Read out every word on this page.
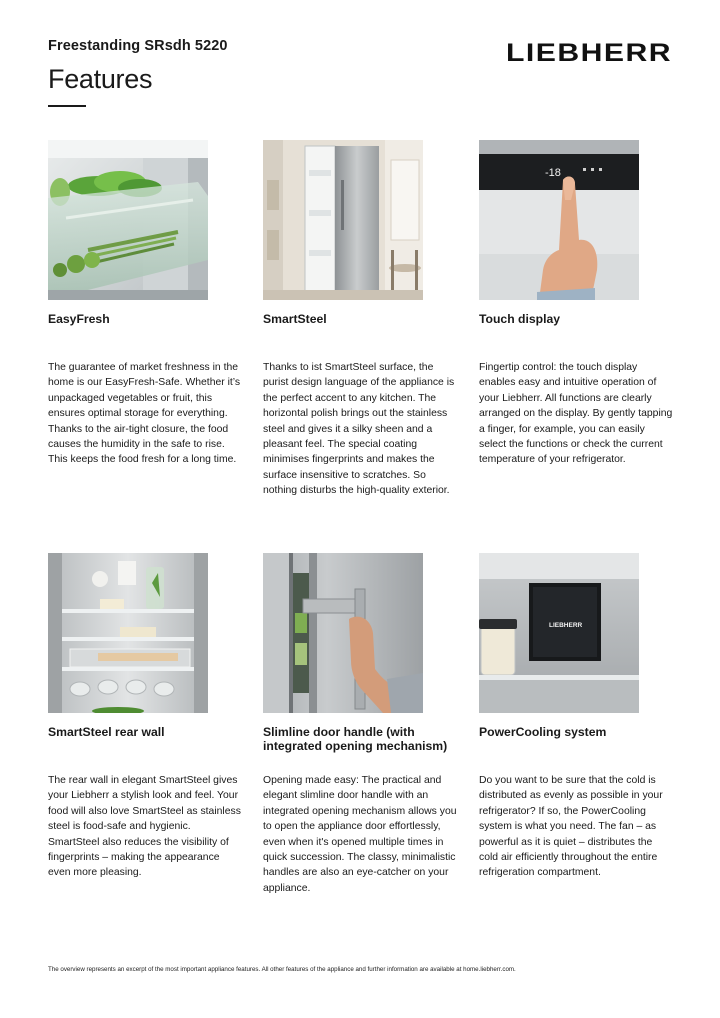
Freestanding SRsdh 5220
Features
LIEBHERR
EasyFresh
The guarantee of market freshness in the home is our EasyFresh-Safe. Whether it’s unpackaged vegetables or fruit, this ensures optimal storage for everything. Thanks to the air-tight closure, the food causes the humidity in the safe to rise. This keeps the food fresh for a long time.
SmartSteel
Thanks to ist SmartSteel surface, the purist design language of the appliance is the perfect accent to any kitchen. The horizontal polish brings out the stainless steel and gives it a silky sheen and a pleasant feel. The special coating minimises fingerprints and makes the surface insensitive to scratches. So nothing disturbs the high-quality exterior.
-18
Touch display
Fingertip control: the touch display enables easy and intuitive operation of your Liebherr. All functions are clearly arranged on the display. By gently tapping a finger, for example, you can easily select the functions or check the current temperature of your refrigerator.
SmartSteel rear wall
The rear wall in elegant SmartSteel gives your Liebherr a stylish look and feel. Your food will also love SmartSteel as stainless steel is food-safe and hygienic. SmartSteel also reduces the visibility of fingerprints – making the appearance even more pleasing.
Slimline door handle (with integrated opening mechanism)
Opening made easy: The practical and elegant slimline door handle with an integrated opening mechanism allows you to open the appliance door effortlessly, even when it's opened multiple times in quick succession. The classy, minimalistic handles are also an eye-catcher on your appliance.
LIEBHERR
PowerCooling system
Do you want to be sure that the cold is distributed as evenly as possible in your refrigerator? If so, the PowerCooling system is what you need. The fan – as powerful as it is quiet – distributes the cold air efficiently throughout the entire refrigeration compartment.
The overview represents an excerpt of the most important appliance features. All other features of the appliance and further information are available at home.liebherr.com.
